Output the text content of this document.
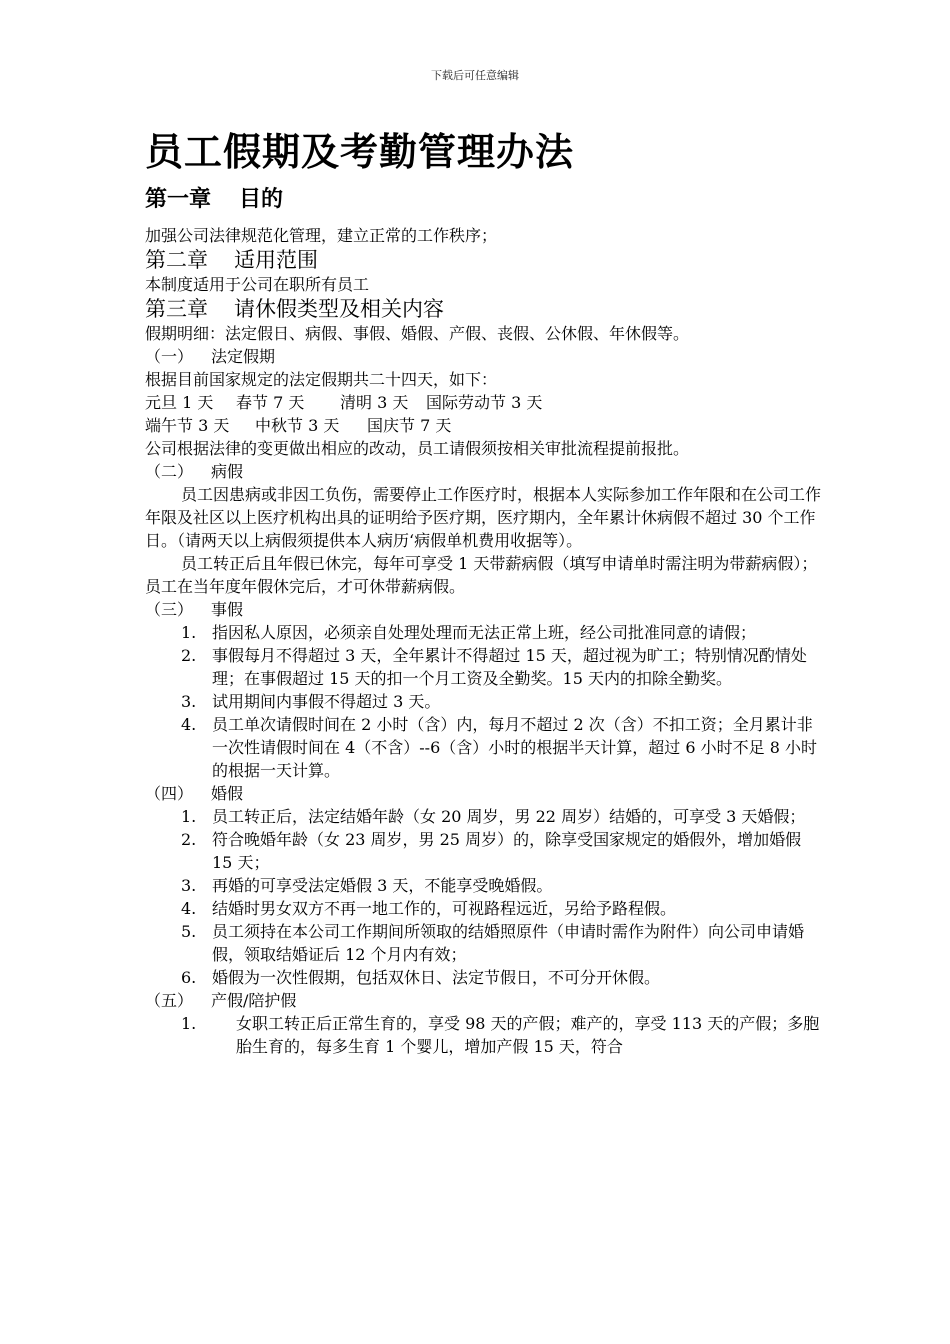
下载后可任意编辑
员工假期及考勤管理办法
第一章 目的

加强公司法律规范化管理，建立正常的工作秩序；

第二章 适用范围

本制度适用于公司在职所有员工

第三章 请休假类型及相关内容

假期明细：法定假日、病假、事假、婚假、产假、丧假、公休假、年休假等。

（一） 法定假期

根据目前国家规定的法定假期共二十四天，如下：

元旦 1 天 春节 7 天 清明 3 天 国际劳动节 3 天

端午节 3 天 中秋节 3 天 国庆节 7 天

公司根据法律的变更做出相应的改动，员工请假须按相关审批流程提前报批。

（二） 病假

员工因患病或非因工负伤，需要停止工作医疗时，根据本人实际参加工作年限和在公司工作年限及社区以上医疗机构出具的证明给予医疗期，医疗期内，全年累计休病假不超过 30 个工作日。（请两天以上病假须提供本人病历‘病假单机费用收据等）。

员工转正后且年假已休完，每年可享受 1 天带薪病假（填写申请单时需注明为带薪病假）；员工在当年度年假休完后，才可休带薪病假。

（三） 事假
1. 指因私人原因，必须亲自处理处理而无法正常上班，经公司批准同意的请假；
2. 事假每月不得超过 3 天，全年累计不得超过 15 天，超过视为旷工；特别情况酌情处理；在事假超过 15 天的扣一个月工资及全勤奖。15 天内的扣除全勤奖。
3. 试用期间内事假不得超过 3 天。
4. 员工单次请假时间在 2 小时（含）内，每月不超过 2 次（含）不扣工资；全月累计非一次性请假时间在 4（不含）--6（含）小时的根据半天计算，超过 6 小时不足 8 小时的根据一天计算。
（四） 婚假
1. 员工转正后，法定结婚年龄（女 20 周岁，男 22 周岁）结婚的，可享受 3 天婚假；
2. 符合晚婚年龄（女 23 周岁，男 25 周岁）的，除享受国家规定的婚假外，增加婚假 15 天；
3. 再婚的可享受法定婚假 3 天，不能享受晚婚假。
4. 结婚时男女双方不再一地工作的，可视路程远近，另给予路程假。
5. 员工须持在本公司工作期间所领取的结婚照原件（申请时需作为附件）向公司申请婚假，领取结婚证后 12 个月内有效；
6. 婚假为一次性假期，包括双休日、法定节假日，不可分开休假。
（五） 产假/陪护假
1. 女职工转正后正常生育的，享受 98 天的产假；难产的，享受 113 天的产假；多胞胎生育的，每多生育 1 个婴儿，增加产假 15 天，符合
